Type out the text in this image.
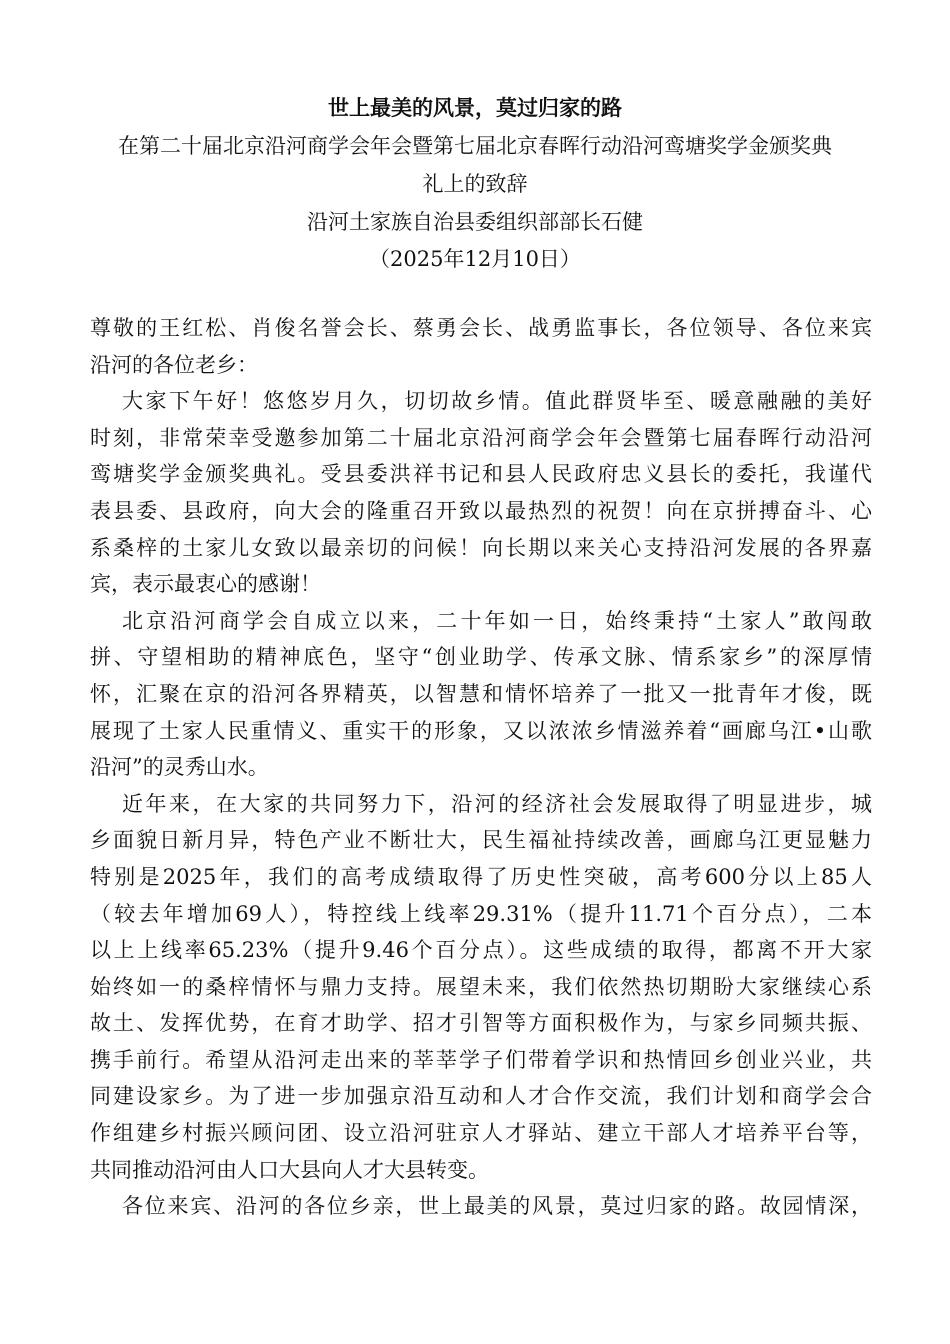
世上最美的风景，莫过归家的路
在第二十届北京沿河商学会年会暨第七届北京春晖行动沿河鸾塘奖学金颁奖典
礼上的致辞
沿河土家族自治县委组织部部长石健
（2025年12月10日）
尊敬的王红松、肖俊名誉会长、蔡勇会长、战勇监事长，各位领导、各位来宾
沿河的各位老乡：
大家下午好！悠悠岁月久，切切故乡情。值此群贤毕至、暖意融融的美好
时刻，非常荣幸受邀参加第二十届北京沿河商学会年会暨第七届春晖行动沿河
鸾塘奖学金颁奖典礼。受县委洪祥书记和县人民政府忠义县长的委托，我谨代
表县委、县政府，向大会的隆重召开致以最热烈的祝贺！向在京拼搏奋斗、心
系桑梓的土家儿女致以最亲切的问候！向长期以来关心支持沿河发展的各界嘉
宾，表示最衷心的感谢！
北京沿河商学会自成立以来，二十年如一日，始终秉持“土家人”敢闯敢
拼、守望相助的精神底色，坚守“创业助学、传承文脉、情系家乡”的深厚情
怀，汇聚在京的沿河各界精英，以智慧和情怀培养了一批又一批青年才俊，既
展现了土家人民重情义、重实干的形象，又以浓浓乡情滋养着“画廊乌江•山歌
沿河”的灵秀山水。
近年来，在大家的共同努力下，沿河的经济社会发展取得了明显进步，城
乡面貌日新月异，特色产业不断壮大，民生福祉持续改善，画廊乌江更显魅力
特别是2025年，我们的高考成绩取得了历史性突破，高考600分以上85人
（较去年增加69人），特控线上线率29.31%（提升11.71个百分点），二本
以上上线率65.23%（提升9.46个百分点）。这些成绩的取得，都离不开大家
始终如一的桑梓情怀与鼎力支持。展望未来，我们依然热切期盼大家继续心系
故土、发挥优势，在育才助学、招才引智等方面积极作为，与家乡同频共振、
携手前行。希望从沿河走出来的莘莘学子们带着学识和热情回乡创业兴业，共
同建设家乡。为了进一步加强京沿互动和人才合作交流，我们计划和商学会合
作组建乡村振兴顾问团、设立沿河驻京人才驿站、建立干部人才培养平台等，
共同推动沿河由人口大县向人才大县转变。
各位来宾、沿河的各位乡亲，世上最美的风景，莫过归家的路。故园情深，
